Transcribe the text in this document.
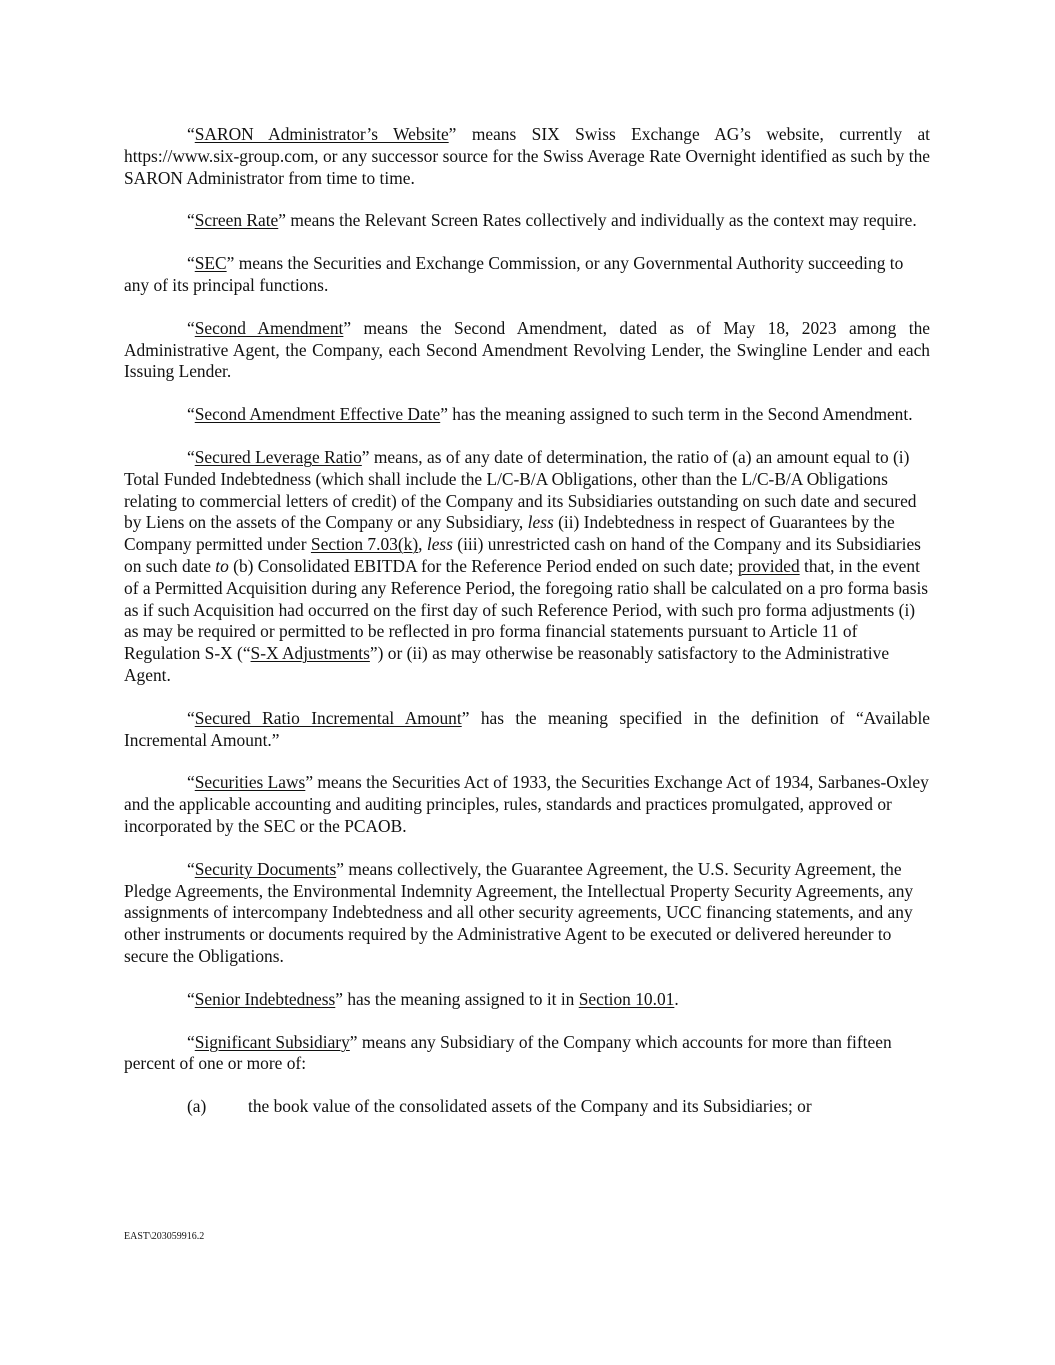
“SARON Administrator’s Website” means SIX Swiss Exchange AG’s website, currently at https://www.six-group.com, or any successor source for the Swiss Average Rate Overnight identified as such by the SARON Administrator from time to time.

“Screen Rate” means the Relevant Screen Rates collectively and individually as the context may require.

“SEC” means the Securities and Exchange Commission, or any Governmental Authority succeeding to any of its principal functions.

“Second Amendment” means the Second Amendment, dated as of May 18, 2023 among the Administrative Agent, the Company, each Second Amendment Revolving Lender, the Swingline Lender and each Issuing Lender.

“Second Amendment Effective Date” has the meaning assigned to such term in the Second Amendment.

“Secured Leverage Ratio” means, as of any date of determination, the ratio of (a) an amount equal to (i) Total Funded Indebtedness (which shall include the L/C-B/A Obligations, other than the L/C-B/A Obligations relating to commercial letters of credit) of the Company and its Subsidiaries outstanding on such date and secured by Liens on the assets of the Company or any Subsidiary, less (ii) Indebtedness in respect of Guarantees by the Company permitted under Section 7.03(k), less (iii) unrestricted cash on hand of the Company and its Subsidiaries on such date to (b) Consolidated EBITDA for the Reference Period ended on such date; provided that, in the event of a Permitted Acquisition during any Reference Period, the foregoing ratio shall be calculated on a pro forma basis as if such Acquisition had occurred on the first day of such Reference Period, with such pro forma adjustments (i) as may be required or permitted to be reflected in pro forma financial statements pursuant to Article 11 of Regulation S-X (“S-X Adjustments”) or (ii) as may otherwise be reasonably satisfactory to the Administrative Agent.

“Secured Ratio Incremental Amount” has the meaning specified in the definition of “Available Incremental Amount.”

“Securities Laws” means the Securities Act of 1933, the Securities Exchange Act of 1934, Sarbanes-Oxley and the applicable accounting and auditing principles, rules, standards and practices promulgated, approved or incorporated by the SEC or the PCAOB.

“Security Documents” means collectively, the Guarantee Agreement, the U.S. Security Agreement, the Pledge Agreements, the Environmental Indemnity Agreement, the Intellectual Property Security Agreements, any assignments of intercompany Indebtedness and all other security agreements, UCC financing statements, and any other instruments or documents required by the Administrative Agent to be executed or delivered hereunder to secure the Obligations.

“Senior Indebtedness” has the meaning assigned to it in Section 10.01.

“Significant Subsidiary” means any Subsidiary of the Company which accounts for more than fifteen percent of one or more of:

(a)	the book value of the consolidated assets of the Company and its Subsidiaries; or
EAST\203059916.2
